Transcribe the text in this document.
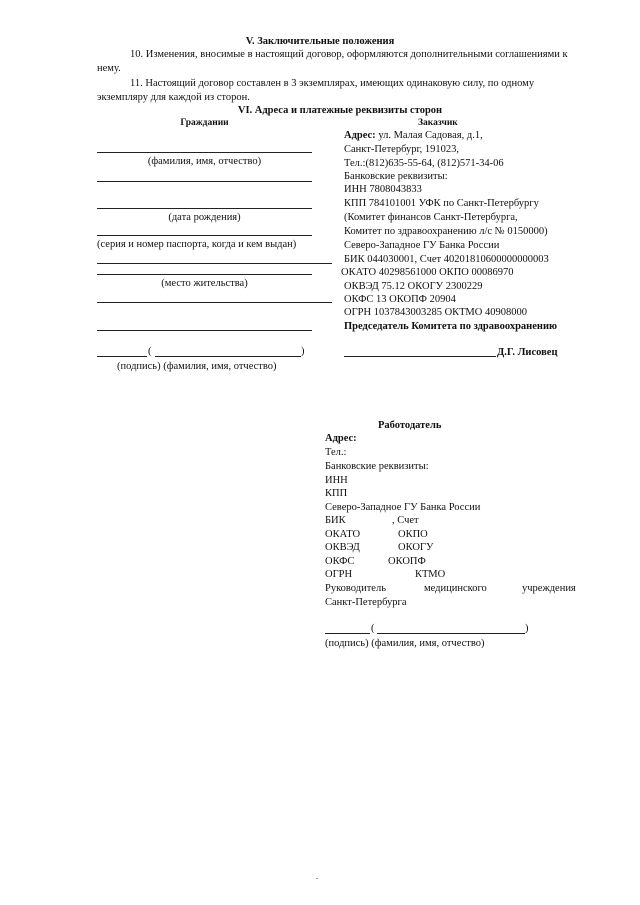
V. Заключительные положения
10. Изменения, вносимые в настоящий договор, оформляются дополнительными соглашениями к
нему.
11. Настоящий договор составлен в 3 экземплярах, имеющих одинаковую силу, по одному
экземпляру для каждой из сторон.
VI. Адреса и платежные реквизиты сторон
Граждании
(фамилия, имя, отчество)
(дата рождения)
(серия и номер паспорта, когда и кем выдан)
(место жительства)
(	)
(подпись) (фамилия, имя, отчество)
Заказчик
Адрес: ул. Малая Садовая, д.1,
Санкт-Петербург, 191023,
Тел.:(812)635-55-64, (812)571-34-06
Банковские реквизиты:
ИНН 7808043833
КПП 784101001 УФК по Санкт-Петербургу
(Комитет финансов Санкт-Петербурга,
Комитет по здравоохранению л/с № 0150000)
Северо-Западное ГУ Банка России
БИК 044030001, Счет 40201810600000000003
ОКАТО 40298561000 ОКПО 00086970
ОКВЭД 75.12 ОКОГУ 2300229
ОКФС 13 ОКОПФ 20904
ОГРН 1037843003285 ОКТМО 40908000
Председатель Комитета по здравоохранению
Д.Г. Лисовец
Работодатель
Адрес:
Тел.:
Банковские реквизиты:
ИНН
КПП
Северо-Западное ГУ Банка России
БИК	, Счет
ОКАТО	ОКПО
ОКВЭД	ОКОГУ
ОКФС	ОКОПФ
ОГРН	КТМО
Руководитель	медицинского	учреждения
Санкт-Петербурга
(	)
(подпись) (фамилия, имя, отчество)
